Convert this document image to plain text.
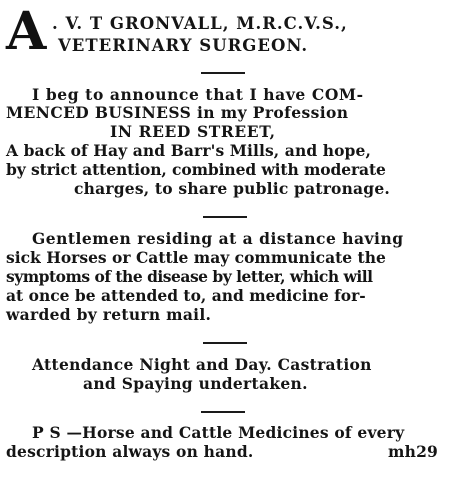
A . V. T GRONVALL, M.R.C.V.S.,
VETERINARY SURGEON.
I beg to announce that I have COM-
MENCED BUSINESS in my Profession
IN REED STREET,
A back of Hay and Barr's Mills, and hope,
by strict attention, combined with moderate
charges, to share public patronage.
Gentlemen residing at a distance having
sick Horses or Cattle may communicate the
symptoms of the disease by letter, which will
at once be attended to, and medicine for-
warded by return mail.
Attendance Night and Day. Castration
and Spaying undertaken.
P S —Horse and Cattle Medicines of every
description always on hand.	mh29
